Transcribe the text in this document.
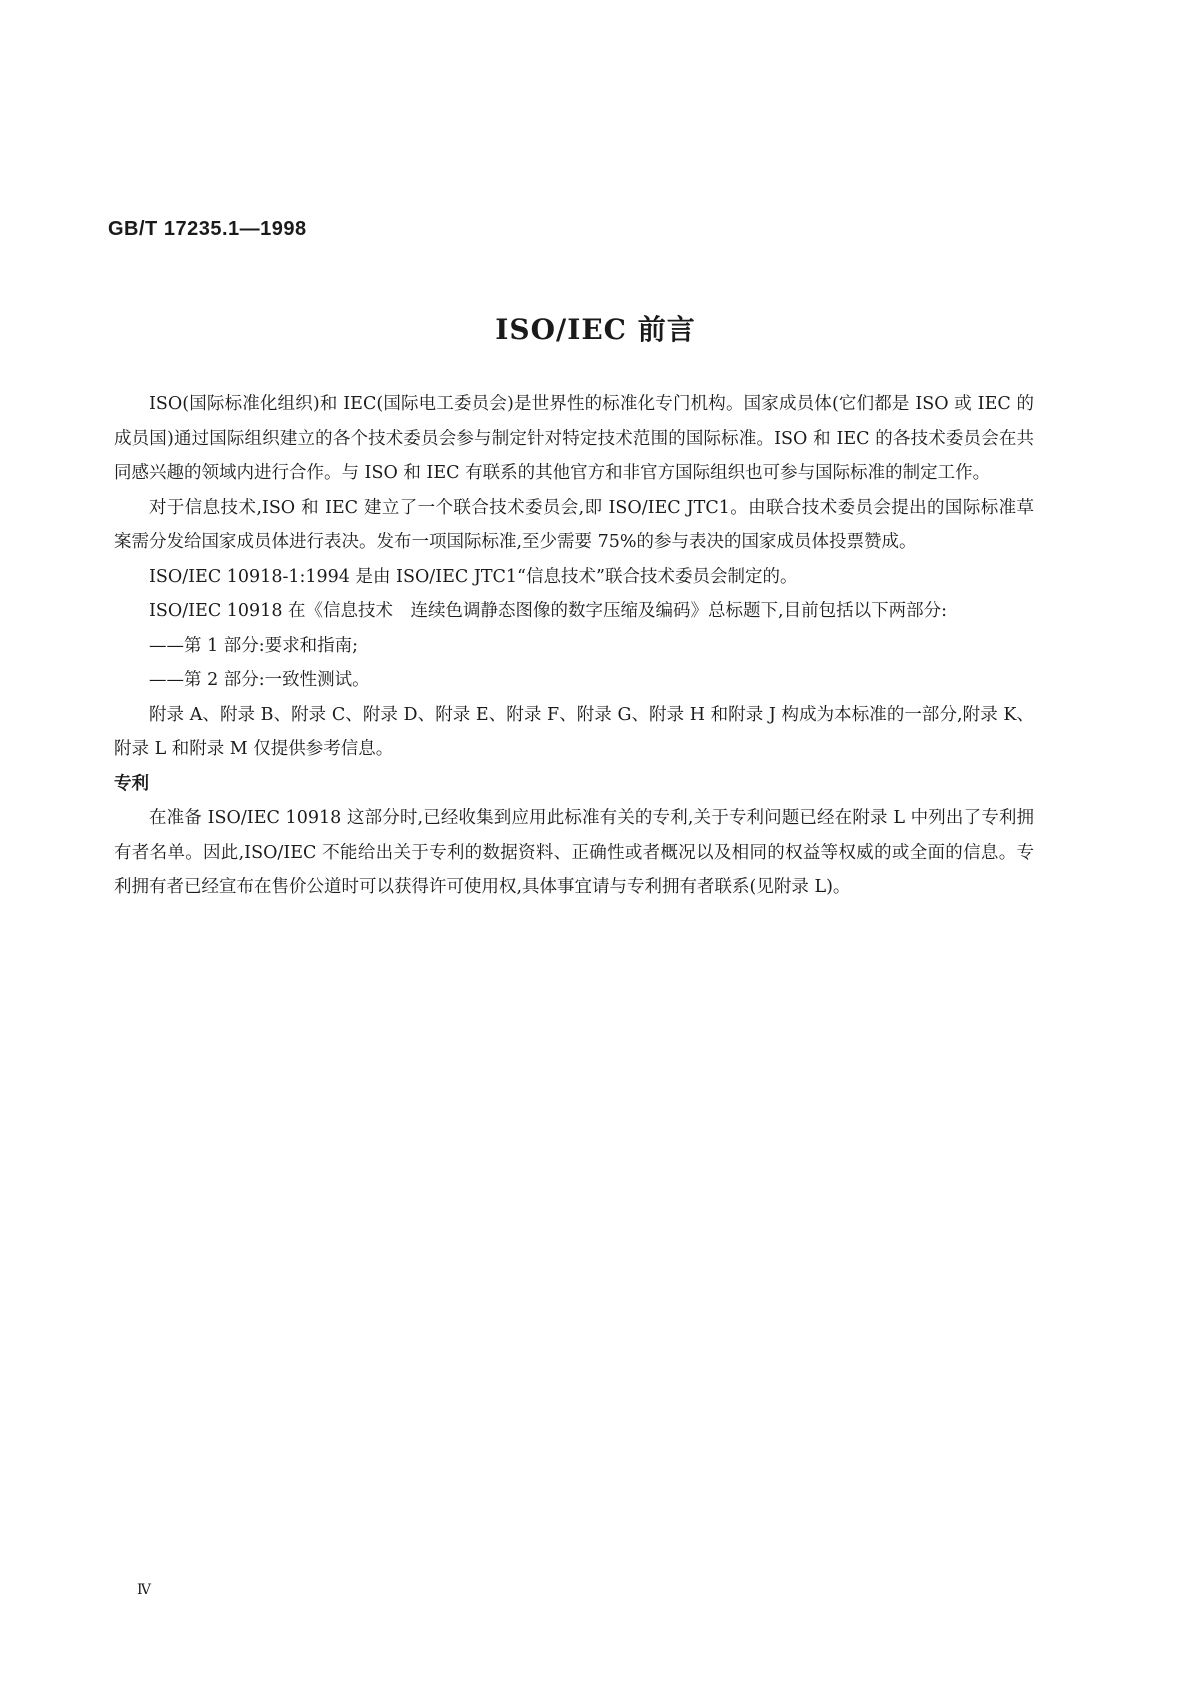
GB/T 17235.1—1998
ISO/IEC 前言

ISO(国际标准化组织)和 IEC(国际电工委员会)是世界性的标准化专门机构。国家成员体(它们都是 ISO 或 IEC 的成员国)通过国际组织建立的各个技术委员会参与制定针对特定技术范围的国际标准。ISO 和 IEC 的各技术委员会在共同感兴趣的领域内进行合作。与 ISO 和 IEC 有联系的其他官方和非官方国际组织也可参与国际标准的制定工作。

对于信息技术,ISO 和 IEC 建立了一个联合技术委员会,即 ISO/IEC JTC1。由联合技术委员会提出的国际标准草案需分发给国家成员体进行表决。发布一项国际标准,至少需要 75%的参与表决的国家成员体投票赞成。

ISO/IEC 10918-1:1994 是由 ISO/IEC JTC1“信息技术”联合技术委员会制定的。

ISO/IEC 10918 在《信息技术　连续色调静态图像的数字压缩及编码》总标题下,目前包括以下两部分:

——第 1 部分:要求和指南;

——第 2 部分:一致性测试。

附录 A、附录 B、附录 C、附录 D、附录 E、附录 F、附录 G、附录 H 和附录 J 构成为本标准的一部分,附录 K、附录 L 和附录 M 仅提供参考信息。

专利

在准备 ISO/IEC 10918 这部分时,已经收集到应用此标准有关的专利,关于专利问题已经在附录 L 中列出了专利拥有者名单。因此,ISO/IEC 不能给出关于专利的数据资料、正确性或者概况以及相同的权益等权威的或全面的信息。专利拥有者已经宣布在售价公道时可以获得许可使用权,具体事宜请与专利拥有者联系(见附录 L)。

Ⅳ
